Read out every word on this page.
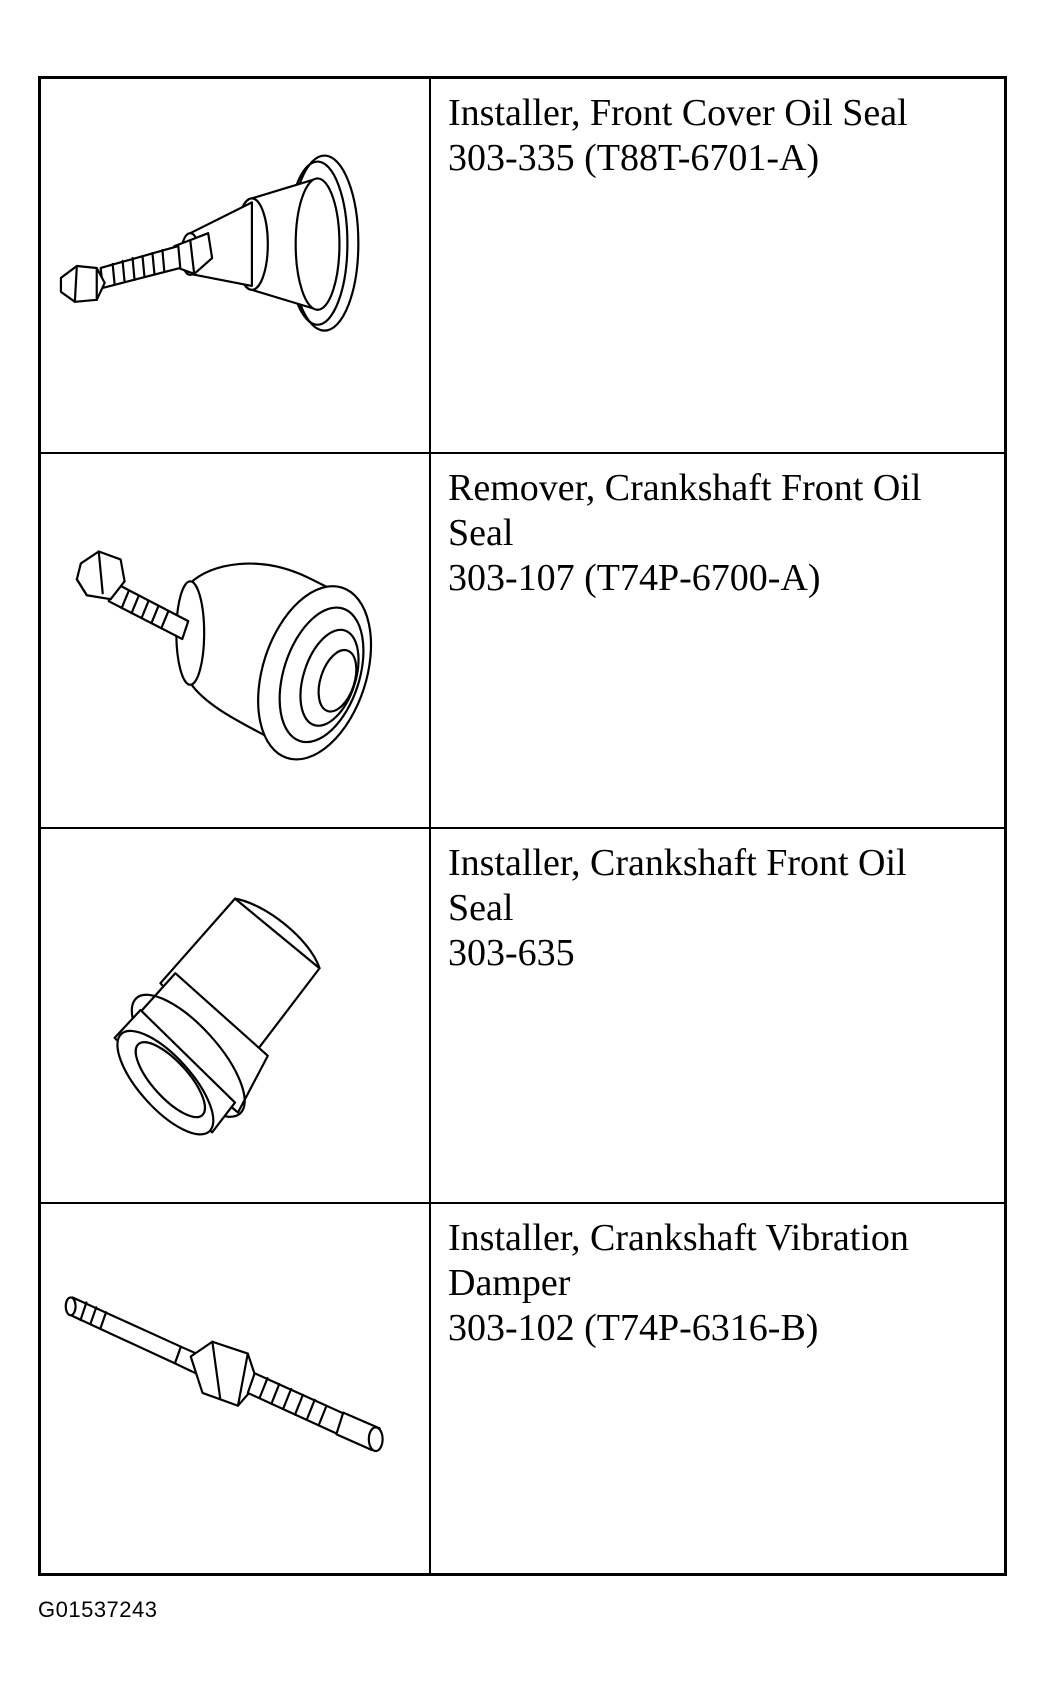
Installer, Front Cover Oil Seal
303-335 (T88T-6701-A)
Remover, Crankshaft Front Oil
Seal
303-107 (T74P-6700-A)
Installer, Crankshaft Front Oil
Seal
303-635
Installer, Crankshaft Vibration
Damper
303-102 (T74P-6316-B)
G01537243
